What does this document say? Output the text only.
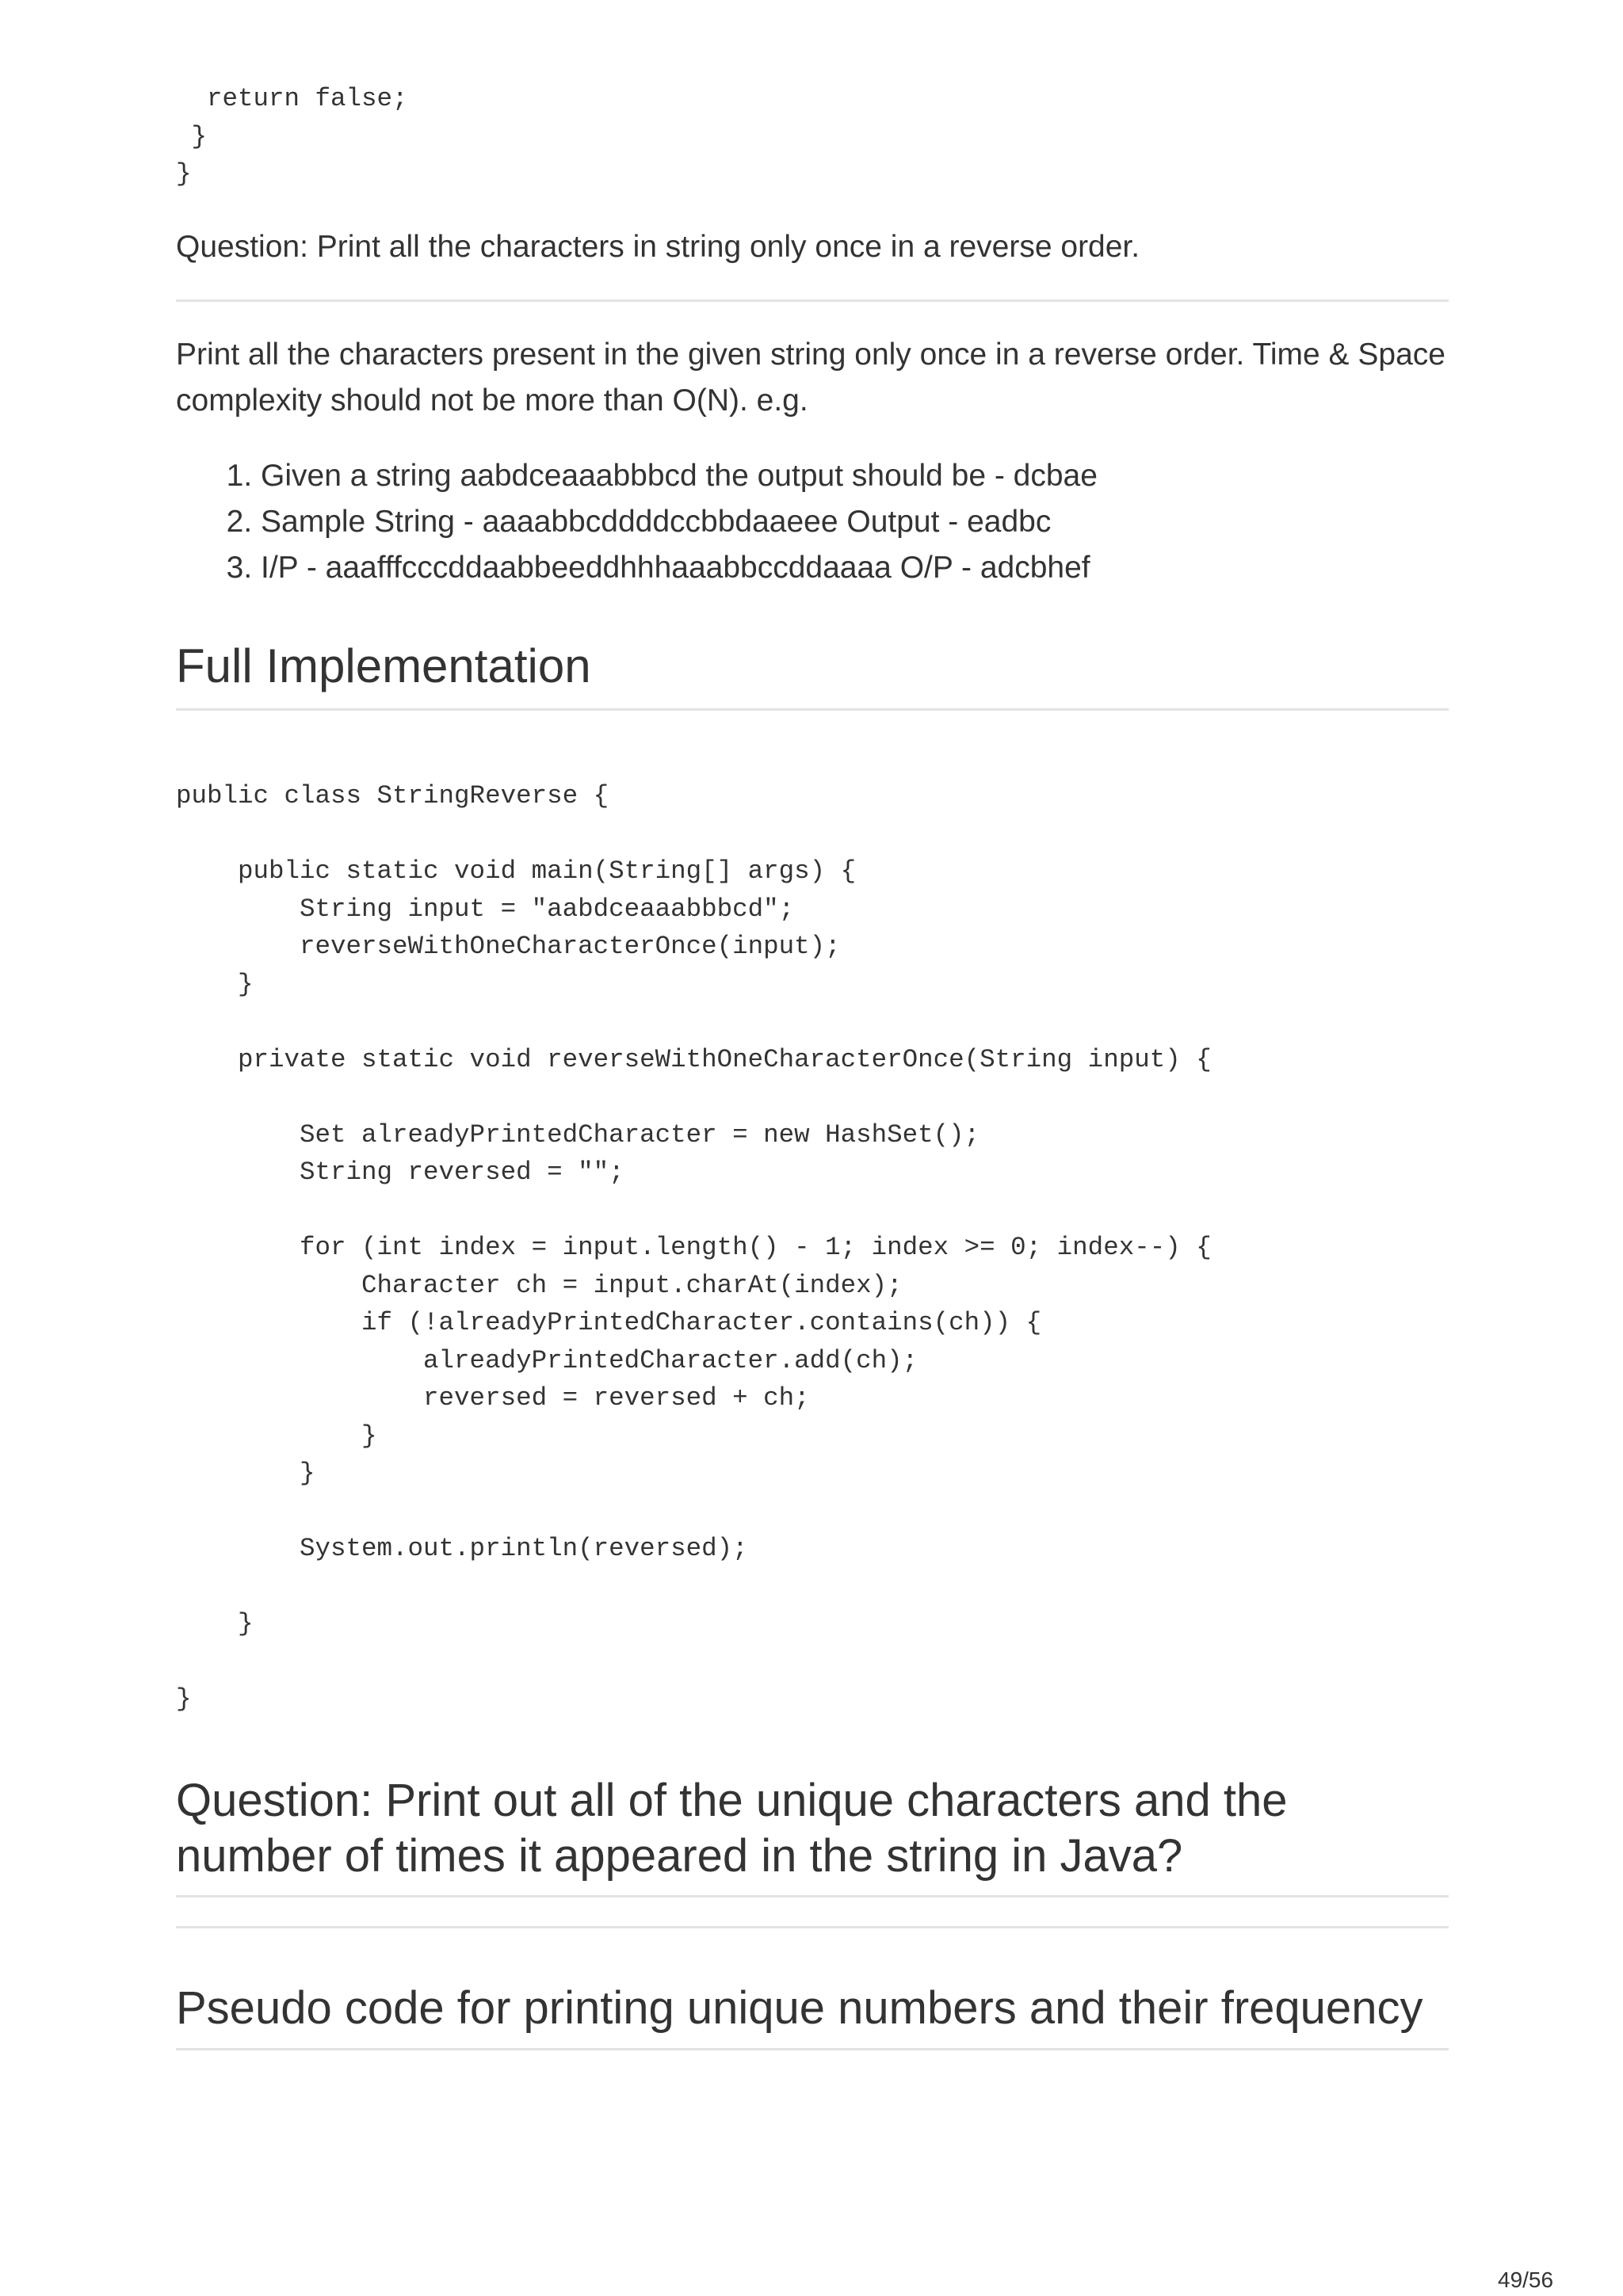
return false;
}
}

Question: Print all the characters in string only once in a reverse order.

Print all the characters present in the given string only once in a reverse order. Time & Space complexity should not be more than O(N). e.g.

1. Given a string aabdceaaabbbcd the output should be - dcbae
2. Sample String - aaaabbcddddccbbdaaeee Output - eadbc
3. I/P - aaafffcccddaabbeeddhhhaaabbccddaaaa O/P - adcbhef
Full Implementation
public class StringReverse {

public static void main(String[] args) {
String input = "aabdceaaabbbcd";
reverseWithOneCharacterOnce(input);
}

private static void reverseWithOneCharacterOnce(String input) {

Set alreadyPrintedCharacter = new HashSet();
String reversed = "";

for (int index = input.length() - 1; index >= 0; index--) {
Character ch = input.charAt(index);
if (!alreadyPrintedCharacter.contains(ch)) {
alreadyPrintedCharacter.add(ch);
reversed = reversed + ch;
}
}

System.out.println(reversed);

}

}
Question: Print out all of the unique characters and the number of times it appeared in the string in Java?
Pseudo code for printing unique numbers and their frequency
49/56
